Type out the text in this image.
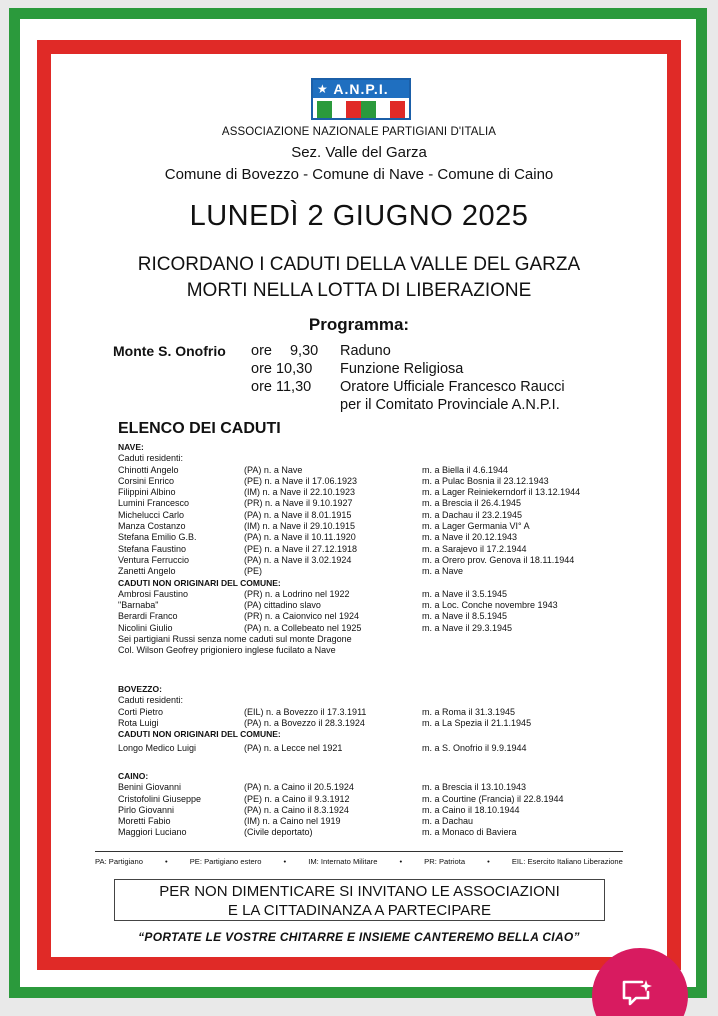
A.N.P.I.
★
ASSOCIAZIONE NAZIONALE PARTIGIANI D'ITALIA
Sez. Valle del Garza
Comune di Bovezzo - Comune di Nave - Comune di Caino
LUNEDÌ 2 GIUGNO 2025
RICORDANO I CADUTI DELLA VALLE DEL GARZA
MORTI NELLA LOTTA DI LIBERAZIONE
Programma:
Monte S. Onofrio ore 9,30 Raduno
ore 10,30 Funzione Religiosa
ore 11,30 Oratore Ufficiale Francesco Raucci
per il Comitato Provinciale A.N.P.I.
ELENCO DEI CADUTI
NAVE:
Caduti residenti:
Chinotti Angelo	(PA) n. a Nave	m. a Biella il 4.6.1944
Corsini Enrico	(PE) n. a Nave il 17.06.1923	m. a Pulac Bosnia il 23.12.1943
Filippini Albino	(IM) n. a Nave il 22.10.1923	m. a Lager Reiniekerndorf il 13.12.1944
Lumini Francesco	(PR) n. a Nave il 9.10.1927	m. a Brescia il 26.4.1945
Michelucci Carlo	(PA) n. a Nave il 8.01.1915	m. a Dachau il 23.2.1945
Manza Costanzo	(IM) n. a Nave il 29.10.1915	m. a Lager Germania VI° A
Stefana Emilio G.B.	(PA) n. a Nave il 10.11.1920	m. a Nave il 20.12.1943
Stefana Faustino	(PE) n. a Nave il 27.12.1918	m. a Sarajevo il 17.2.1944
Ventura Ferruccio	(PA) n. a Nave il 3.02.1924	m. a Orero prov. Genova il 18.11.1944
Zanetti Angelo	(PE)	m. a Nave
CADUTI NON ORIGINARI DEL COMUNE:
Ambrosi Faustino	(PR) n. a Lodrino nel 1922	m. a Nave il 3.5.1945
"Barnaba"	(PA) cittadino slavo	m. a Loc. Conche novembre 1943
Berardi Franco	(PR) n. a Caionvico nel 1924	m. a Nave il 8.5.1945
Nicolini Giulio	(PA) n. a Collebeato nel 1925	m. a Nave il 29.3.1945
Sei partigiani Russi senza nome caduti sul monte Dragone
Col. Wilson Geofrey prigioniero inglese fucilato a Nave
BOVEZZO:
Caduti residenti:
Corti Pietro	(EIL) n. a Bovezzo il 17.3.1911	m. a Roma il 31.3.1945
Rota Luigi	(PA) n. a Bovezzo il 28.3.1924	m. a La Spezia il 21.1.1945
CADUTI NON ORIGINARI DEL COMUNE:
Longo Medico Luigi	(PA) n. a Lecce nel 1921	m. a S. Onofrio il 9.9.1944
CAINO:
Benini Giovanni	(PA) n. a Caino il 20.5.1924	m. a Brescia il 13.10.1943
Cristofolini Giuseppe	(PE) n. a Caino il 9.3.1912	m. a Courtine (Francia) il 22.8.1944
Pirlo Giovanni	(PA) n. a Caino il 8.3.1924	m. a Caino il 18.10.1944
Moretti Fabio	(IM) n. a Caino nel 1919	m. a Dachau
Maggiori Luciano	(Civile deportato)	m. a Monaco di Baviera
PA: Partigiano	•	PE: Partigiano estero	•	IM: Internato Militare	•	PR: Patriota	•	EIL: Esercito Italiano Liberazione
PER NON DIMENTICARE SI INVITANO LE ASSOCIAZIONI
E LA CITTADINANZA A PARTECIPARE
“PORTATE LE VOSTRE CHITARRE E INSIEME CANTEREMO BELLA CIAO”
